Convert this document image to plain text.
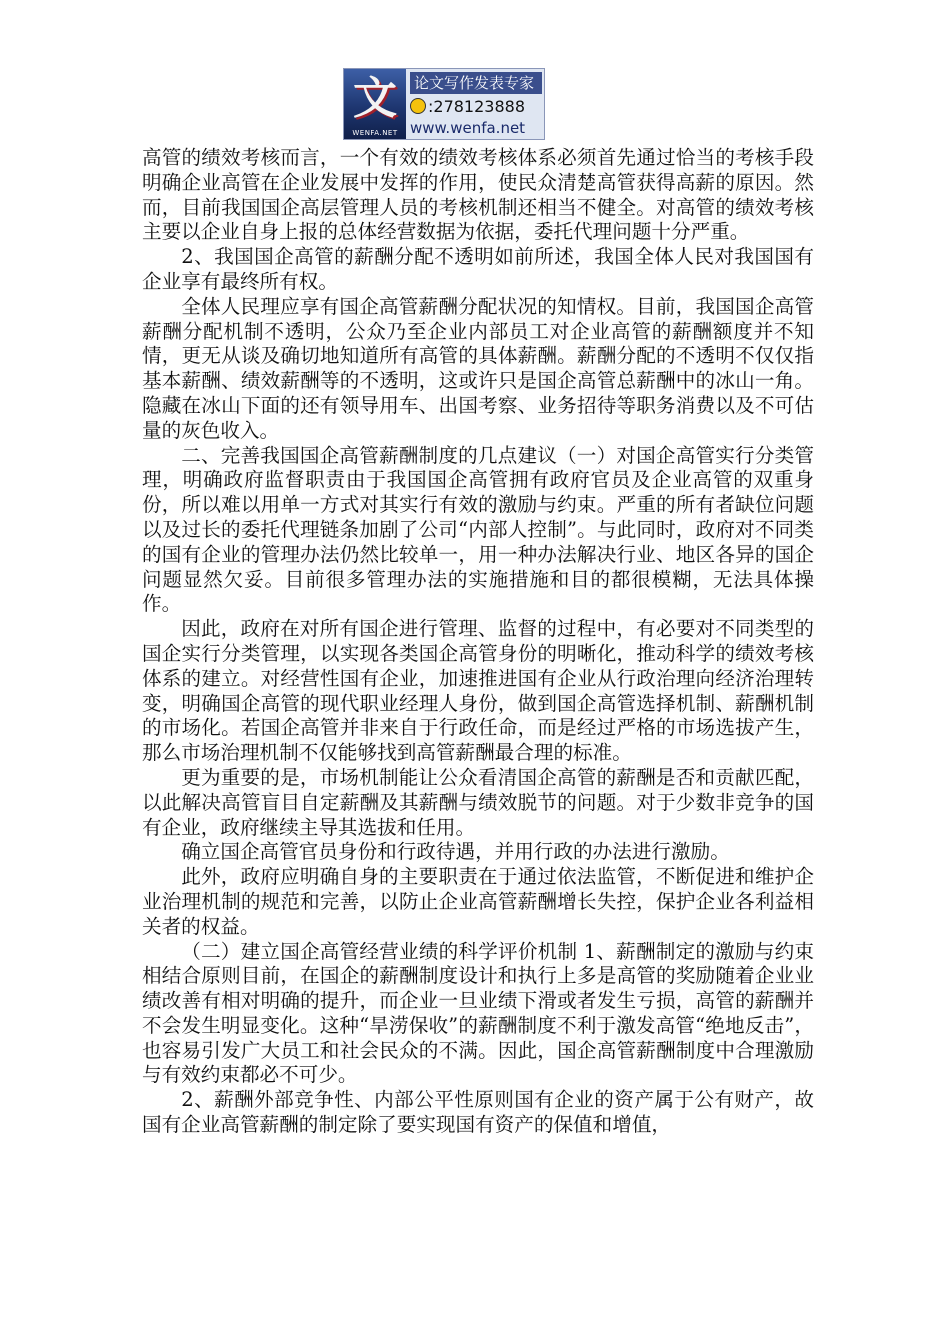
文
WENFA.NET
论文写作发表专家
:278123888
www.wenfa.net

高管的绩效考核而言，一个有效的绩效考核体系必须首先通过恰当的考核手段明确企业高管在企业发展中发挥的作用，使民众清楚高管获得高薪的原因。然而，目前我国国企高层管理人员的考核机制还相当不健全。对高管的绩效考核主要以企业自身上报的总体经营数据为依据，委托代理问题十分严重。

2、我国国企高管的薪酬分配不透明如前所述，我国全体人民对我国国有企业享有最终所有权。

全体人民理应享有国企高管薪酬分配状况的知情权。目前，我国国企高管薪酬分配机制不透明，公众乃至企业内部员工对企业高管的薪酬额度并不知情，更无从谈及确切地知道所有高管的具体薪酬。薪酬分配的不透明不仅仅指基本薪酬、绩效薪酬等的不透明，这或许只是国企高管总薪酬中的冰山一角。隐藏在冰山下面的还有领导用车、出国考察、业务招待等职务消费以及不可估量的灰色收入。

二、完善我国国企高管薪酬制度的几点建议（一）对国企高管实行分类管理，明确政府监督职责由于我国国企高管拥有政府官员及企业高管的双重身份，所以难以用单一方式对其实行有效的激励与约束。严重的所有者缺位问题以及过长的委托代理链条加剧了公司“内部人控制”。与此同时，政府对不同类的国有企业的管理办法仍然比较单一，用一种办法解决行业、地区各异的国企问题显然欠妥。目前很多管理办法的实施措施和目的都很模糊，无法具体操作。

因此，政府在对所有国企进行管理、监督的过程中，有必要对不同类型的国企实行分类管理，以实现各类国企高管身份的明晰化，推动科学的绩效考核体系的建立。对经营性国有企业，加速推进国有企业从行政治理向经济治理转变，明确国企高管的现代职业经理人身份，做到国企高管选择机制、薪酬机制的市场化。若国企高管并非来自于行政任命，而是经过严格的市场选拔产生，那么市场治理机制不仅能够找到高管薪酬最合理的标准。

更为重要的是，市场机制能让公众看清国企高管的薪酬是否和贡献匹配，以此解决高管盲目自定薪酬及其薪酬与绩效脱节的问题。对于少数非竞争的国有企业，政府继续主导其选拔和任用。

确立国企高管官员身份和行政待遇，并用行政的办法进行激励。

此外，政府应明确自身的主要职责在于通过依法监管，不断促进和维护企业治理机制的规范和完善，以防止企业高管薪酬增长失控，保护企业各利益相关者的权益。

（二）建立国企高管经营业绩的科学评价机制 1、薪酬制定的激励与约束相结合原则目前，在国企的薪酬制度设计和执行上多是高管的奖励随着企业业绩改善有相对明确的提升，而企业一旦业绩下滑或者发生亏损，高管的薪酬并不会发生明显变化。这种“旱涝保收”的薪酬制度不利于激发高管“绝地反击”，也容易引发广大员工和社会民众的不满。因此，国企高管薪酬制度中合理激励与有效约束都必不可少。

2、薪酬外部竞争性、内部公平性原则国有企业的资产属于公有财产，故国有企业高管薪酬的制定除了要实现国有资产的保值和增值，
